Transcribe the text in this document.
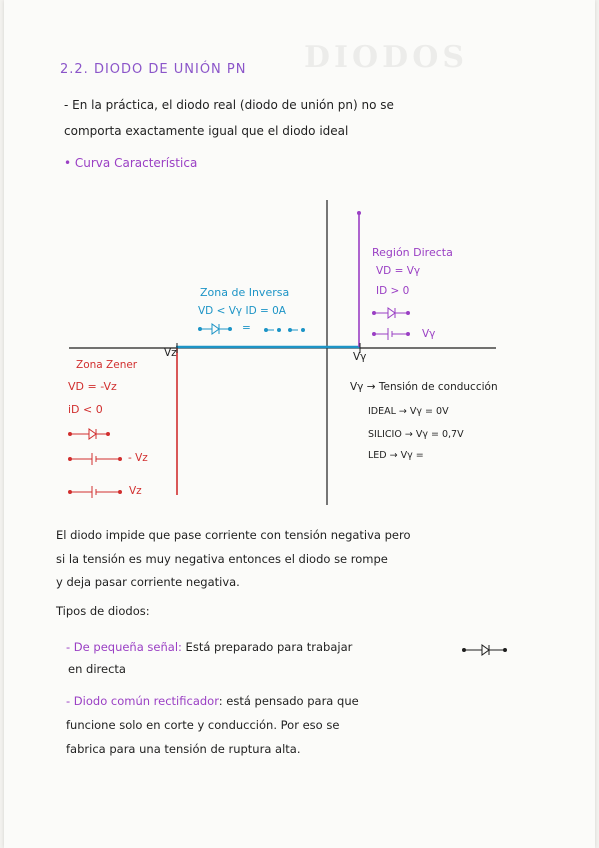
DIODOS
2.2. DIODO DE UNIÓN PN
- En la práctica, el diodo real (diodo de unión pn) no se
comporta exactamente igual que el diodo ideal
• Curva Característica
Región Directa
VD = Vγ
ID > 0
Vγ
Zona de Inversa
VD < Vγ ID = 0A
=
Vz	Vγ
Zona Zener
VD = -Vz
iD < 0
- Vz
Vz
Vγ → Tensión de conducción
IDEAL → Vγ = 0V
SILICIO → Vγ = 0,7V
LED → Vγ =
El diodo impide que pase corriente con tensión negativa pero
si la tensión es muy negativa entonces el diodo se rompe
y deja pasar corriente negativa.
Tipos de diodos:
- De pequeña señal: Está preparado para trabajar
en directa
- Diodo común rectificador: está pensado para que
funcione solo en corte y conducción. Por eso se
fabrica para una tensión de ruptura alta.
